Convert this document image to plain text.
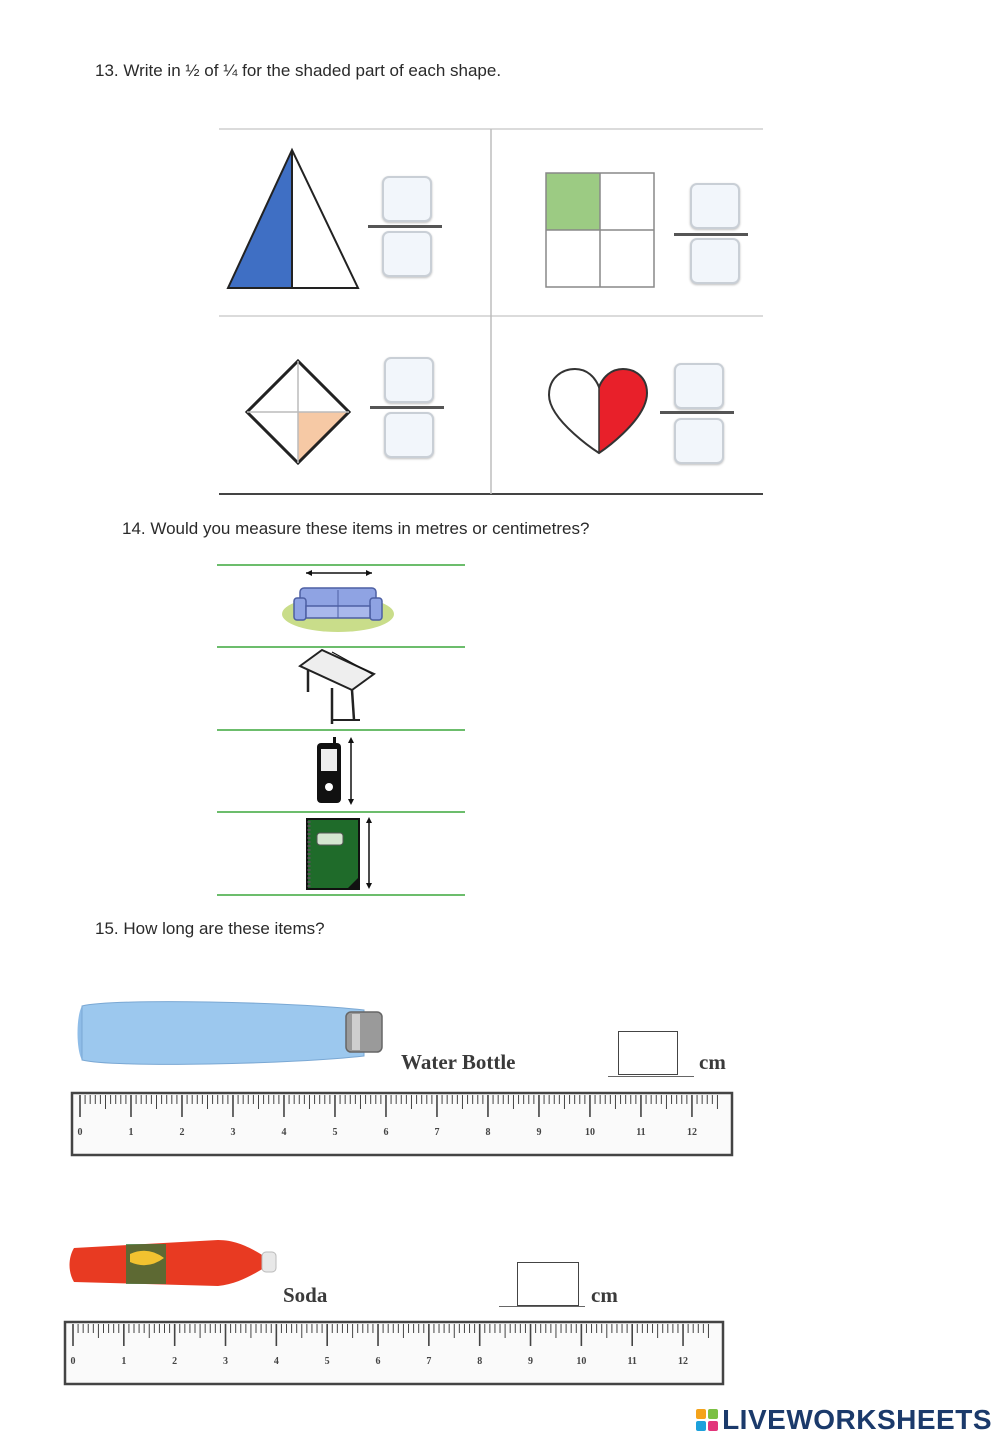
13. Write in ½ of ¼ for the shaded part of each shape.
14. Would you measure these items in metres or centimetres?
15. How long are these items?
Water Bottle	cm
0	1	2	3	4	5	6	7	8	9	10	11	12
Soda	cm
0	1	2	3	4	5	6	7	8	9	10	11	12
LIVEWORKSHEETS
